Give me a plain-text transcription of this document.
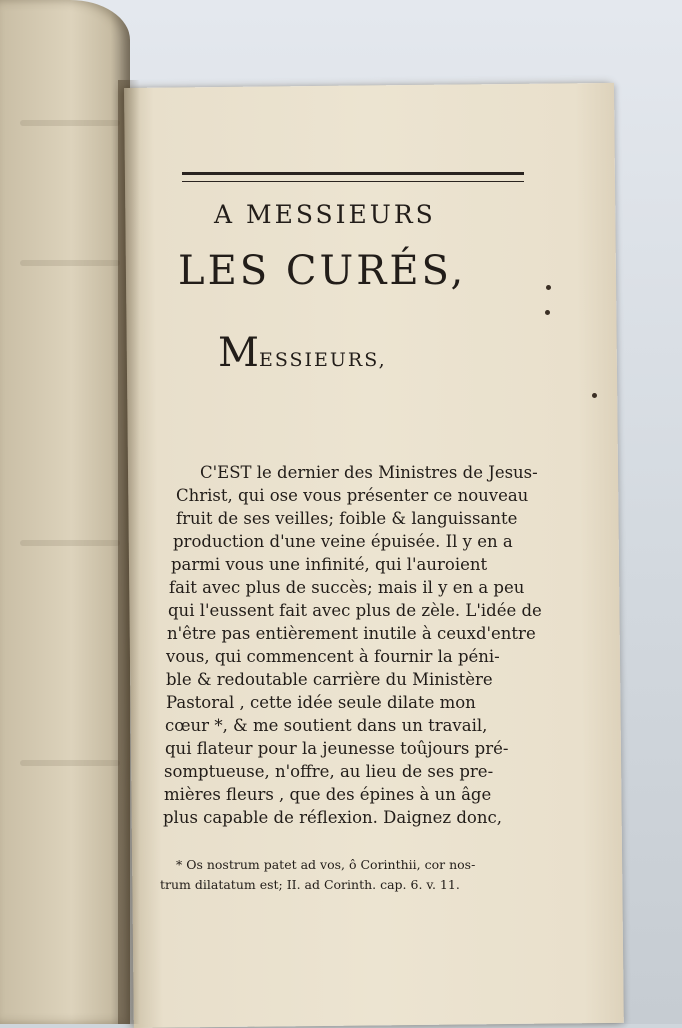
A MESSIEURS
LES CURÉS,
MESSIEURS,
C'EST le dernier des Ministres de Jesus-
Christ, qui ose vous présenter ce nouveau
fruit de ses veilles; foible & languissante
production d'une veine épuisée. Il y en a
parmi vous une infinité, qui l'auroient
fait avec plus de succès; mais il y en a peu
qui l'eussent fait avec plus de zèle. L'idée de
n'être pas entièrement inutile à ceuxd'entre
vous, qui commencent à fournir la péni-
ble & redoutable carrière du Ministère
Pastoral , cette idée seule dilate mon
cœur *, & me soutient dans un travail,
qui flateur pour la jeunesse toûjours pré-
somptueuse, n'offre, au lieu de ses pre-
mières fleurs , que des épines à un âge
plus capable de réflexion. Daignez donc,
* Os nostrum patet ad vos, ô Corinthii, cor nos-
trum dilatatum est; II. ad Corinth. cap. 6. v. 11.
